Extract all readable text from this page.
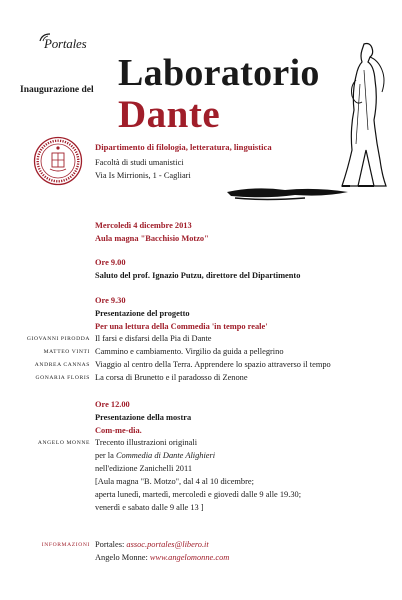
Portales
Inaugurazione del Laboratorio
Dante
Dipartimento di filologia, letteratura, linguistica
Facoltà di studi umanistici
Via Is Mirrionis, 1 - Cagliari
Mercoledì 4 dicembre 2013
Aula magna "Bacchisio Motzo"
Ore 9.00
Saluto del prof. Ignazio Putzu, direttore del Dipartimento
Ore 9.30
Presentazione del progetto
Per una lettura della Commedia 'in tempo reale'
GIOVANNI PIRODDA Il farsi e disfarsi della Pia di Dante
MATTEO VINTI Cammino e cambiamento. Virgilio da guida a pellegrino
ANDREA CANNAS Viaggio al centro della Terra. Apprendere lo spazio attraverso il tempo
GONARIA FLORIS La corsa di Brunetto e il paradosso di Zenone
Ore 12.00
Presentazione della mostra
Com-me-dia.
ANGELO MONNE Trecento illustrazioni originali
per la Commedia di Dante Alighieri
nell'edizione Zanichelli 2011
[Aula magna "B. Motzo", dal 4 al 10 dicembre;
aperta lunedì, martedì, mercoledì e giovedì dalle 9 alle 19.30;
venerdì e sabato dalle 9 alle 13 ]
INFORMAZIONI Portales: assoc.portales@libero.it
Angelo Monne: www.angelomonne.com
